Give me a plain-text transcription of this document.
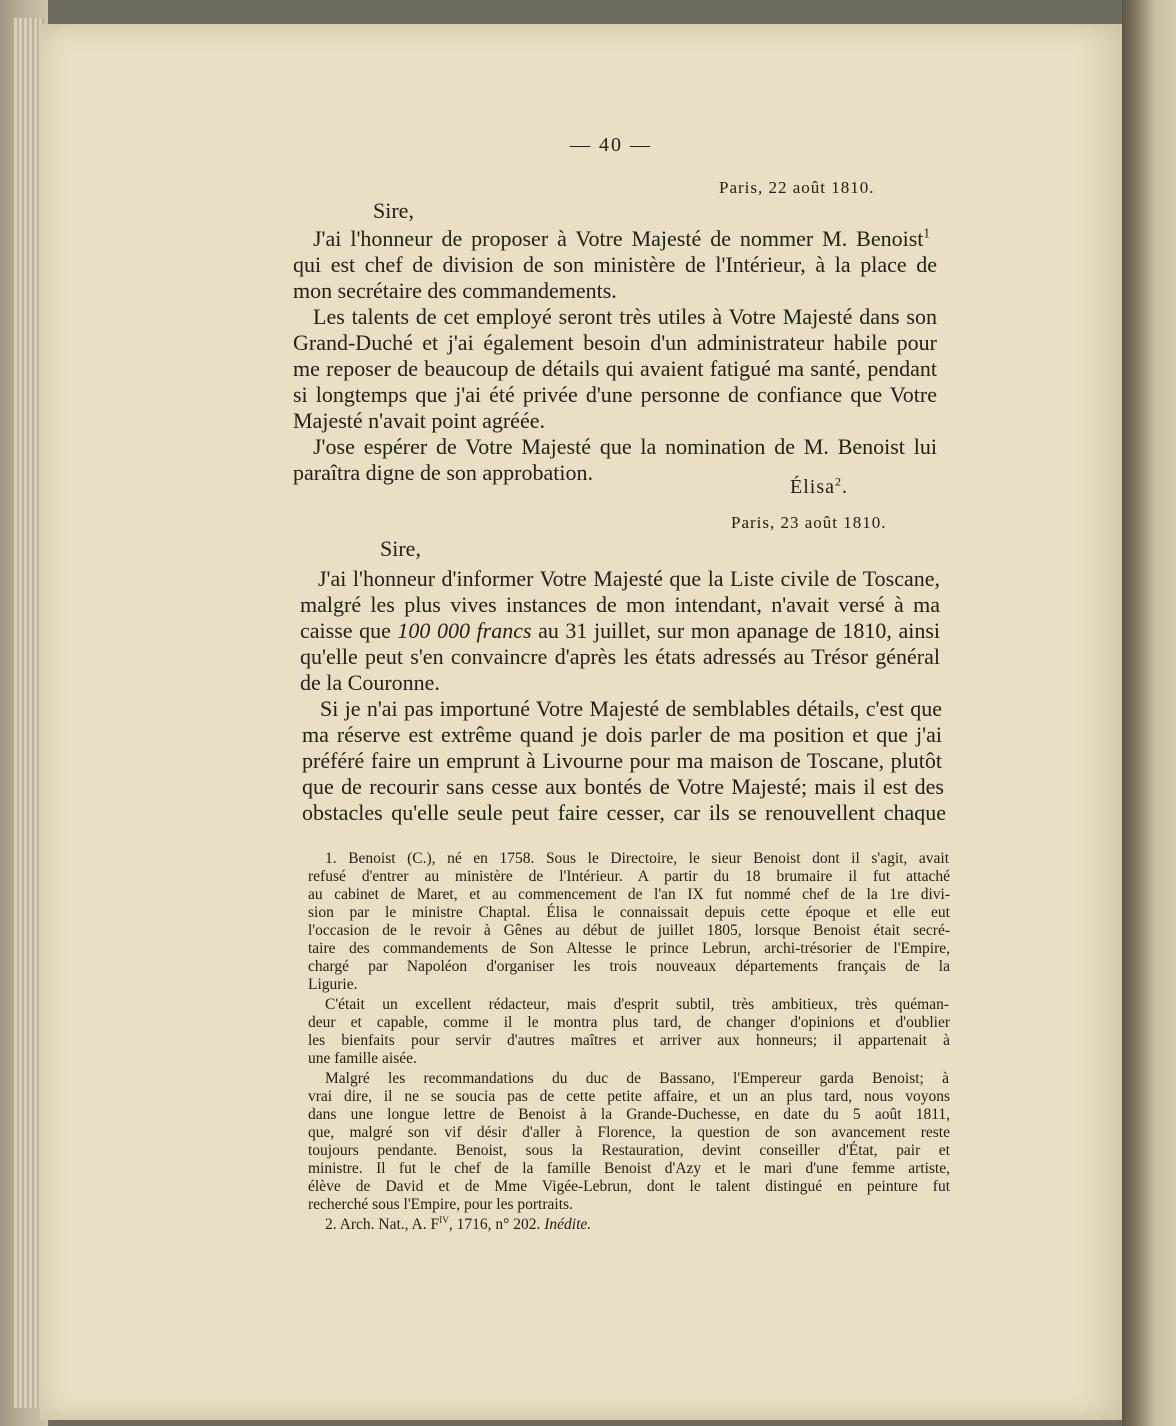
— 40 —
Paris, 22 août 1810.
Sire,
J'ai l'honneur de proposer à Votre Majesté de nommer M. Benoist$^1$
qui est chef de division de son ministère de l'Intérieur, à la place de
mon secrétaire des commandements.
Les talents de cet employé seront très utiles à Votre Majesté dans son
Grand-Duché et j'ai également besoin d'un administrateur habile pour
me reposer de beaucoup de détails qui avaient fatigué ma santé, pendant
si longtemps que j'ai été privée d'une personne de confiance que Votre
Majesté n'avait point agréée.
J'ose espérer de Votre Majesté que la nomination de M. Benoist lui
paraîtra digne de son approbation.
Élisa$^2$.
Paris, 23 août 1810.
Sire,
J'ai l'honneur d'informer Votre Majesté que la Liste civile de Toscane,
malgré les plus vives instances de mon intendant, n'avait versé à ma
caisse que 100 000 francs au 31 juillet, sur mon apanage de 1810, ainsi
qu'elle peut s'en convaincre d'après les états adressés au Trésor général
de la Couronne.
Si je n'ai pas importuné Votre Majesté de semblables détails, c'est que
ma réserve est extrême quand je dois parler de ma position et que j'ai
préféré faire un emprunt à Livourne pour ma maison de Toscane, plutôt
que de recourir sans cesse aux bontés de Votre Majesté; mais il est des
obstacles qu'elle seule peut faire cesser, car ils se renouvellent chaque
1. Benoist (C.), né en 1758. Sous le Directoire, le sieur Benoist dont il s'agit, avait
refusé d'entrer au ministère de l'Intérieur. A partir du 18 brumaire il fut attaché
au cabinet de Maret, et au commencement de l'an IX fut nommé chef de la 1re divi-
sion par le ministre Chaptal. Élisa le connaissait depuis cette époque et elle eut
l'occasion de le revoir à Gênes au début de juillet 1805, lorsque Benoist était secré-
taire des commandements de Son Altesse le prince Lebrun, archi-trésorier de l'Empire,
chargé par Napoléon d'organiser les trois nouveaux départements français de la
Ligurie.
C'était un excellent rédacteur, mais d'esprit subtil, très ambitieux, très quéman-
deur et capable, comme il le montra plus tard, de changer d'opinions et d'oublier
les bienfaits pour servir d'autres maîtres et arriver aux honneurs; il appartenait à
une famille aisée.
Malgré les recommandations du duc de Bassano, l'Empereur garda Benoist; à
vrai dire, il ne se soucia pas de cette petite affaire, et un an plus tard, nous voyons
dans une longue lettre de Benoist à la Grande-Duchesse, en date du 5 août 1811,
que, malgré son vif désir d'aller à Florence, la question de son avancement reste
toujours pendante. Benoist, sous la Restauration, devint conseiller d'État, pair et
ministre. Il fut le chef de la famille Benoist d'Azy et le mari d'une femme artiste,
élève de David et de Mme Vigée-Lebrun, dont le talent distingué en peinture fut
recherché sous l'Empire, pour les portraits.
2. Arch. Nat., A. $F^{IV}$, 1716, n° 202. Inédite.
